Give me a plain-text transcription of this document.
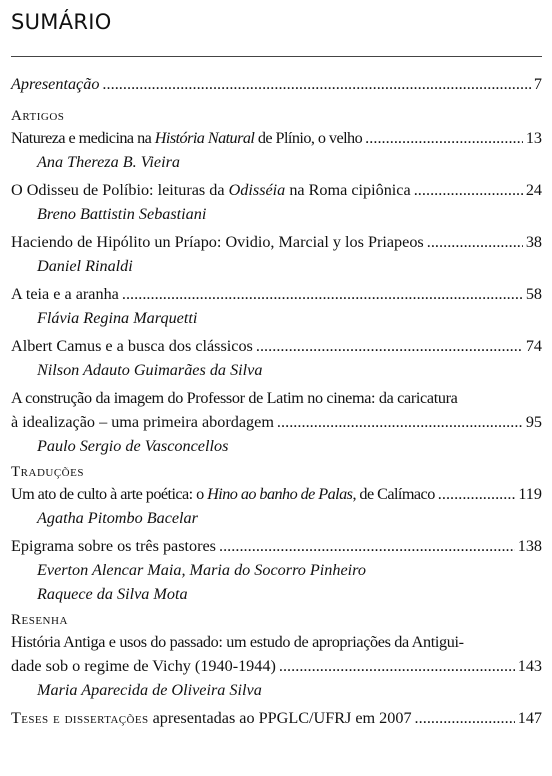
SUMÁRIO
Apresentação . . .	7
Artigos
Natureza e medicina na História Natural de Plínio, o velho . . .	13
Ana Thereza B. Vieira
O Odisseu de Políbio: leituras da Odisséia na Roma cipiônica . . .	24
Breno Battistin Sebastiani
Haciendo de Hipólito un Príapo: Ovidio, Marcial y los Priapeos . . .	38
Daniel Rinaldi
A teia e a aranha . . .	58
Flávia Regina Marquetti
Albert Camus e a busca dos clássicos . . .	74
Nilson Adauto Guimarães da Silva
A construção da imagem do Professor de Latim no cinema: da caricatura
à idealização – uma primeira abordagem . . .	95
Paulo Sergio de Vasconcellos
Traduções
Um ato de culto à arte poética: o Hino ao banho de Palas, de Calímaco . . .	119
Agatha Pitombo Bacelar
Epigrama sobre os três pastores . . .	138
Everton Alencar Maia, Maria do Socorro Pinheiro
Raquece da Silva Mota
Resenha
História Antiga e usos do passado: um estudo de apropriações da Antigui-
dade sob o regime de Vichy (1940-1944) . . .	143
Maria Aparecida de Oliveira Silva
Teses e dissertações apresentadas ao PPGLC/UFRJ em 2007 . . .	147
